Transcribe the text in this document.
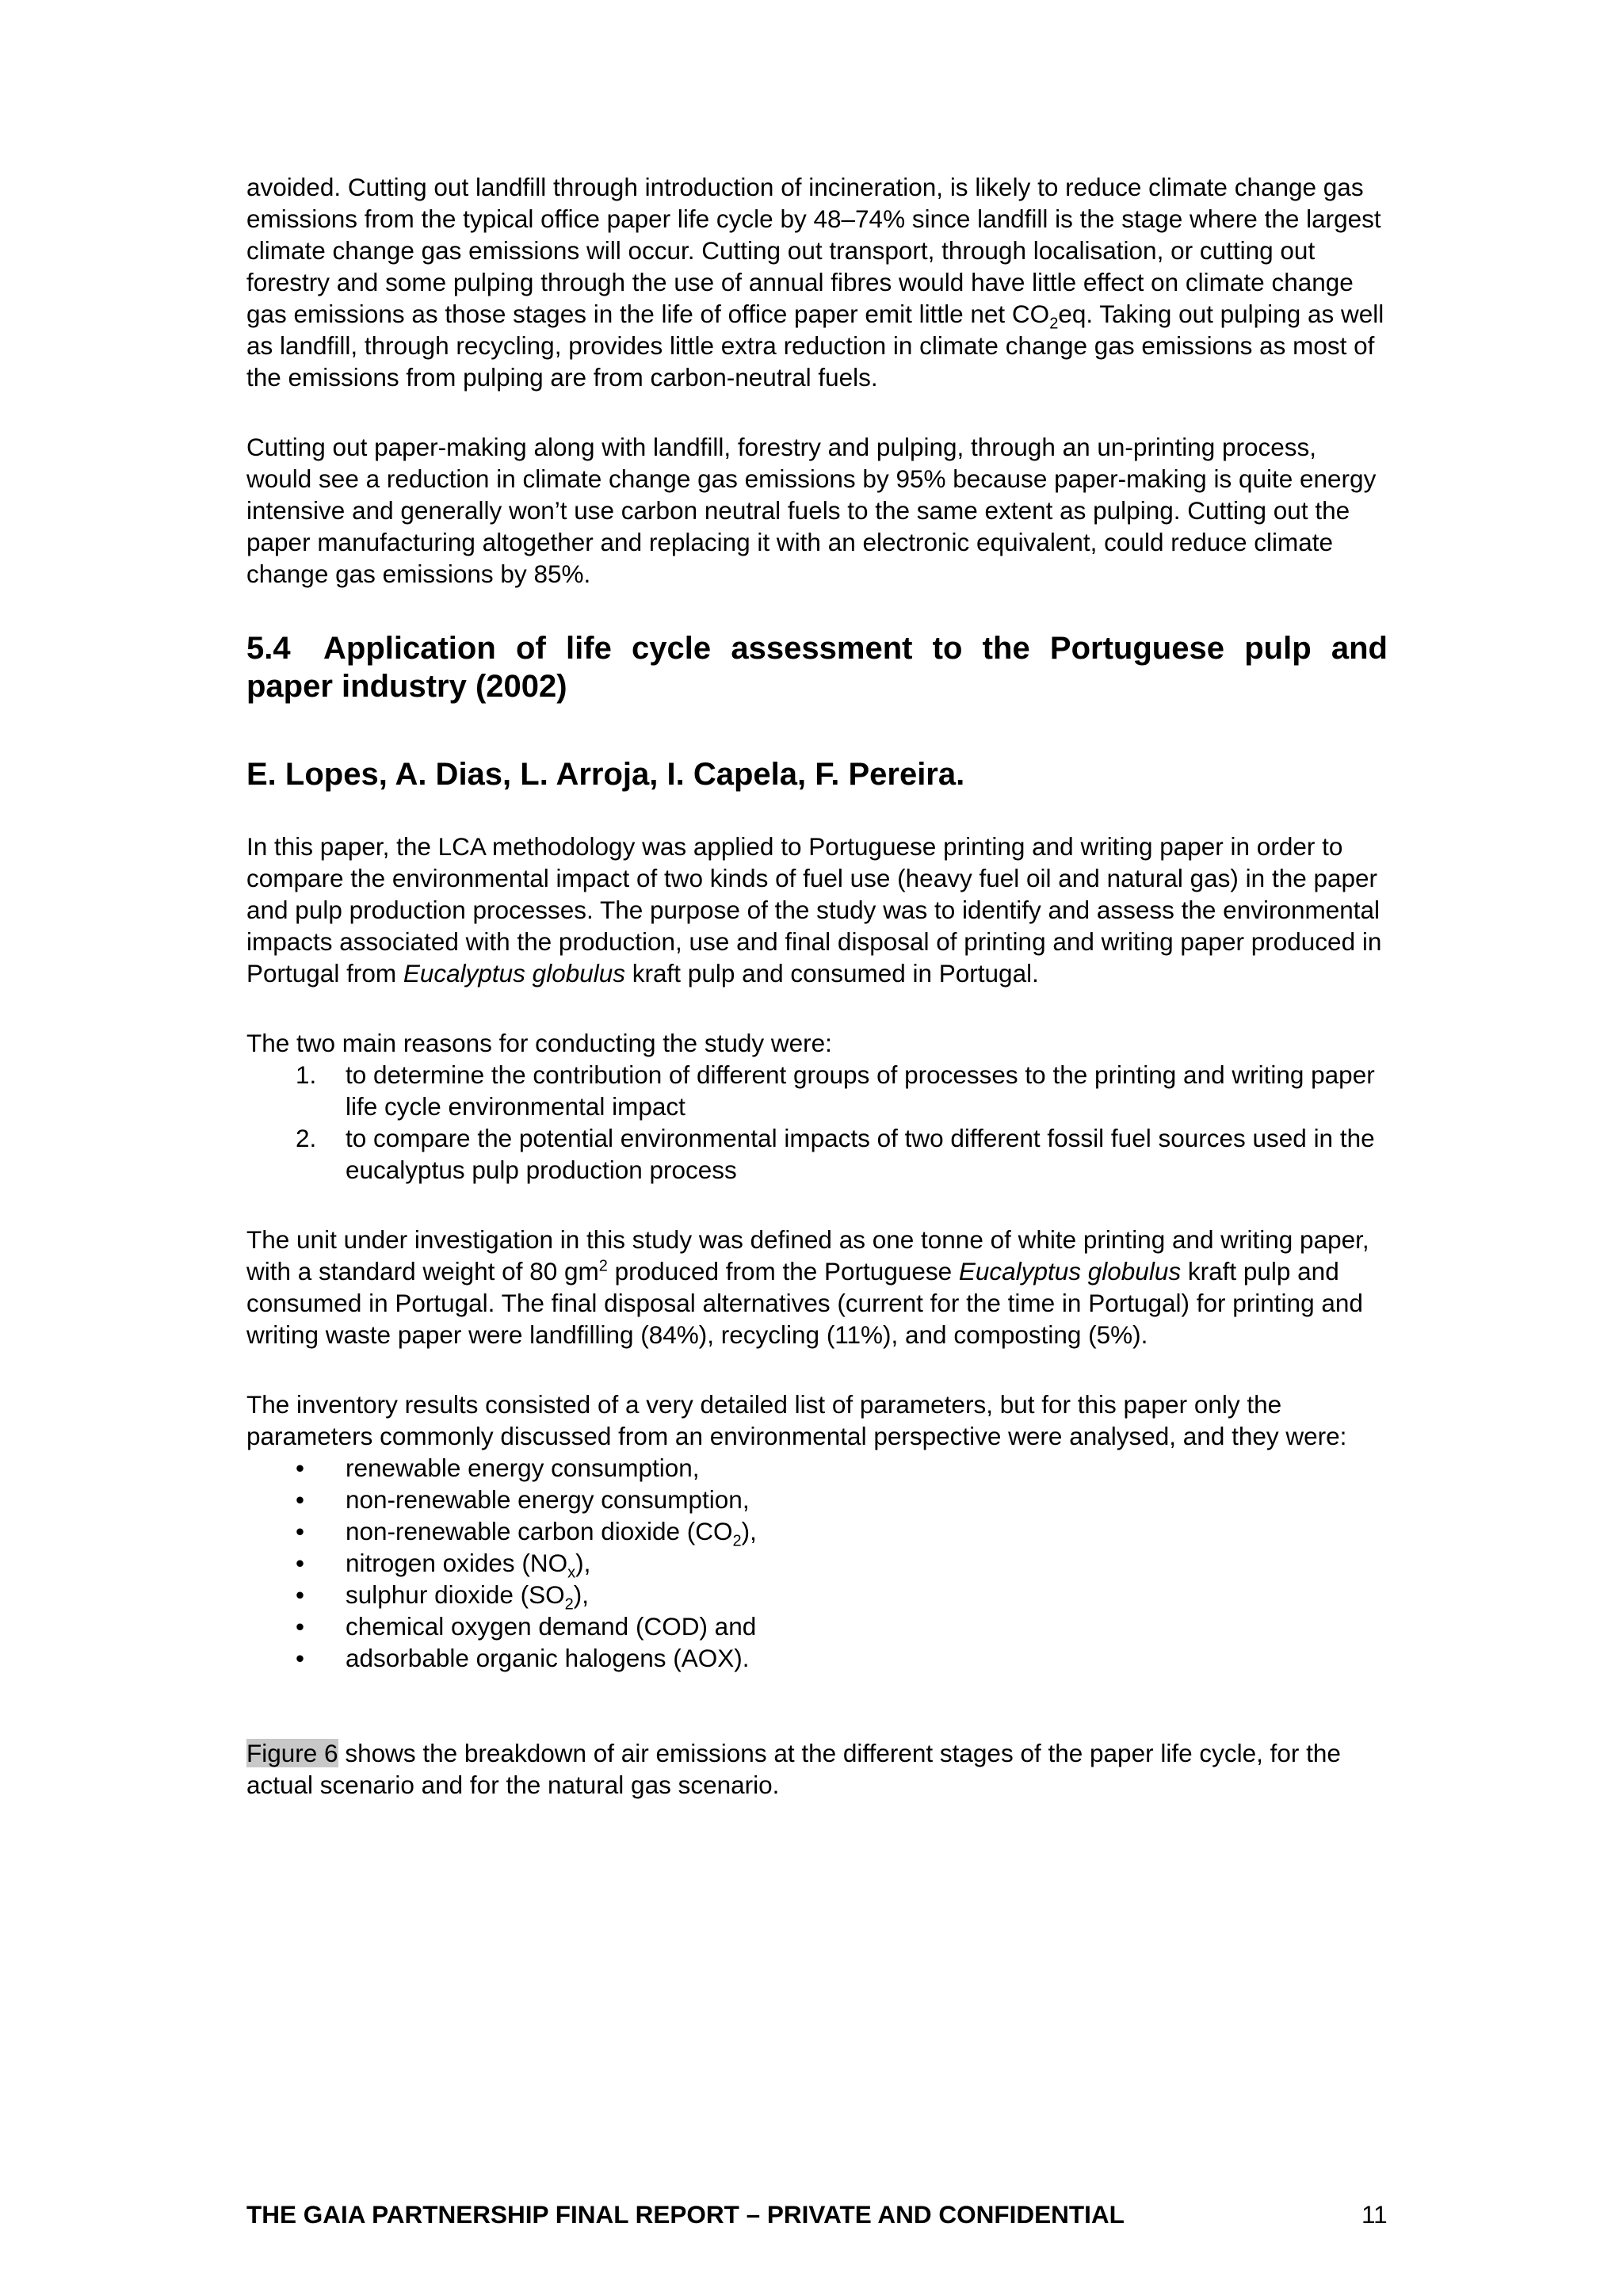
avoided. Cutting out landfill through introduction of incineration, is likely to reduce climate change gas emissions from the typical office paper life cycle by 48–74% since landfill is the stage where the largest climate change gas emissions will occur. Cutting out transport, through localisation, or cutting out forestry and some pulping through the use of annual fibres would have little effect on climate change gas emissions as those stages in the life of office paper emit little net $CO_2eq$. Taking out pulping as well as landfill, through recycling, provides little extra reduction in climate change gas emissions as most of the emissions from pulping are from carbon-neutral fuels.

Cutting out paper-making along with landfill, forestry and pulping, through an un-printing process, would see a reduction in climate change gas emissions by 95% because paper-making is quite energy intensive and generally won’t use carbon neutral fuels to the same extent as pulping. Cutting out the paper manufacturing altogether and replacing it with an electronic equivalent, could reduce climate change gas emissions by 85%.

5.4 Application of life cycle assessment to the Portuguese pulp and
paper industry (2002)
E. Lopes, A. Dias, L. Arroja, I. Capela, F. Pereira.

In this paper, the LCA methodology was applied to Portuguese printing and writing paper in order to compare the environmental impact of two kinds of fuel use (heavy fuel oil and natural gas) in the paper and pulp production processes. The purpose of the study was to identify and assess the environmental impacts associated with the production, use and final disposal of printing and writing paper produced in Portugal from Eucalyptus globulus kraft pulp and consumed in Portugal.

The two main reasons for conducting the study were:

1.	to determine the contribution of different groups of processes to the printing and writing paper life cycle environmental impact
2.	to compare the potential environmental impacts of two different fossil fuel sources used in the eucalyptus pulp production process

The unit under investigation in this study was defined as one tonne of white printing and writing paper, with a standard weight of 80 $gm^2$ produced from the Portuguese Eucalyptus globulus kraft pulp and consumed in Portugal. The final disposal alternatives (current for the time in Portugal) for printing and writing waste paper were landfilling (84%), recycling (11%), and composting (5%).

The inventory results consisted of a very detailed list of parameters, but for this paper only the parameters commonly discussed from an environmental perspective were analysed, and they were:

• renewable energy consumption,
• non-renewable energy consumption,
• non-renewable carbon dioxide $(CO_2)$,
• nitrogen oxides $(NO_x)$,
• sulphur dioxide $(SO_2)$,
• chemical oxygen demand (COD) and
• adsorbable organic halogens (AOX).

Figure 6 shows the breakdown of air emissions at the different stages of the paper life cycle, for the actual scenario and for the natural gas scenario.

THE GAIA PARTNERSHIP FINAL REPORT – PRIVATE AND CONFIDENTIAL	11
